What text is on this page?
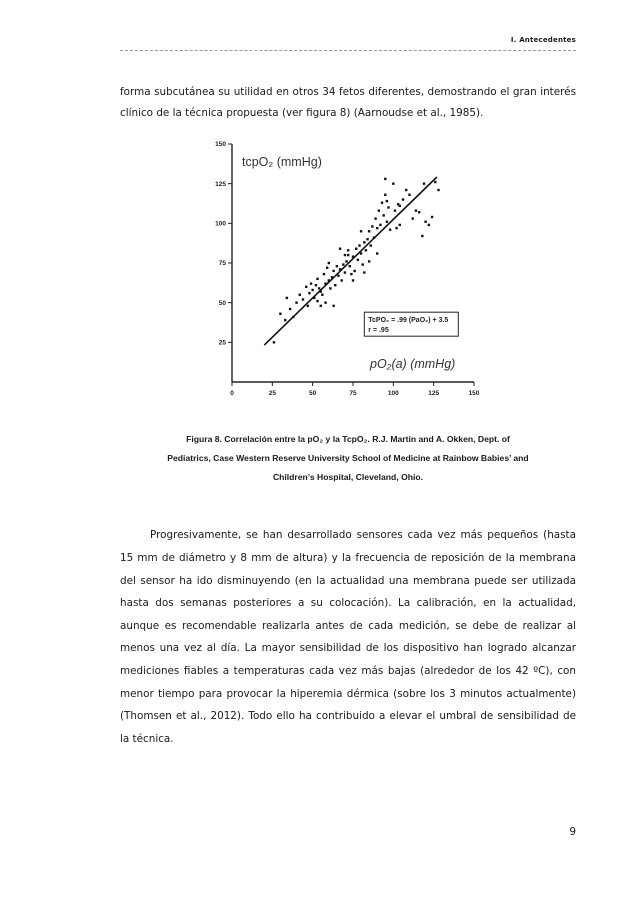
I. Antecedentes

forma subcutánea su utilidad en otros 34 fetos diferentes, demostrando el gran interés clínico de la técnica propuesta (ver figura 8) (Aarnoudse et al., 1985).

0	25	50	75	100	125	150
25
50
75
100
125
150
tcpO₂ (mmHg)
pO₂(a) (mmHg)
TcPO₂ = .99 (PaO₂) + 3.5
r = .95
Figura 8. Correlación entre la pO₂ y la TcpO₂. R.J. Martin and A. Okken, Dept. of
Pediatrics, Case Western Reserve University School of Medicine at Rainbow Babies’ and
Children’s Hospital, Cleveland, Ohio.

Progresivamente, se han desarrollado sensores cada vez más pequeños (hasta 15 mm de diámetro y 8 mm de altura) y la frecuencia de reposición de la membrana del sensor ha ido disminuyendo (en la actualidad una membrana puede ser utilizada hasta dos semanas posteriores a su colocación). La calibración, en la actualidad, aunque es recomendable realizarla antes de cada medición, se debe de realizar al menos una vez al día. La mayor sensibilidad de los dispositivo han logrado alcanzar mediciones fiables a temperaturas cada vez más bajas (alrededor de los 42 ºC), con menor tiempo para provocar la hiperemia dérmica (sobre los 3 minutos actualmente) (Thomsen et al., 2012). Todo ello ha contribuido a elevar el umbral de sensibilidad de la técnica.

9
